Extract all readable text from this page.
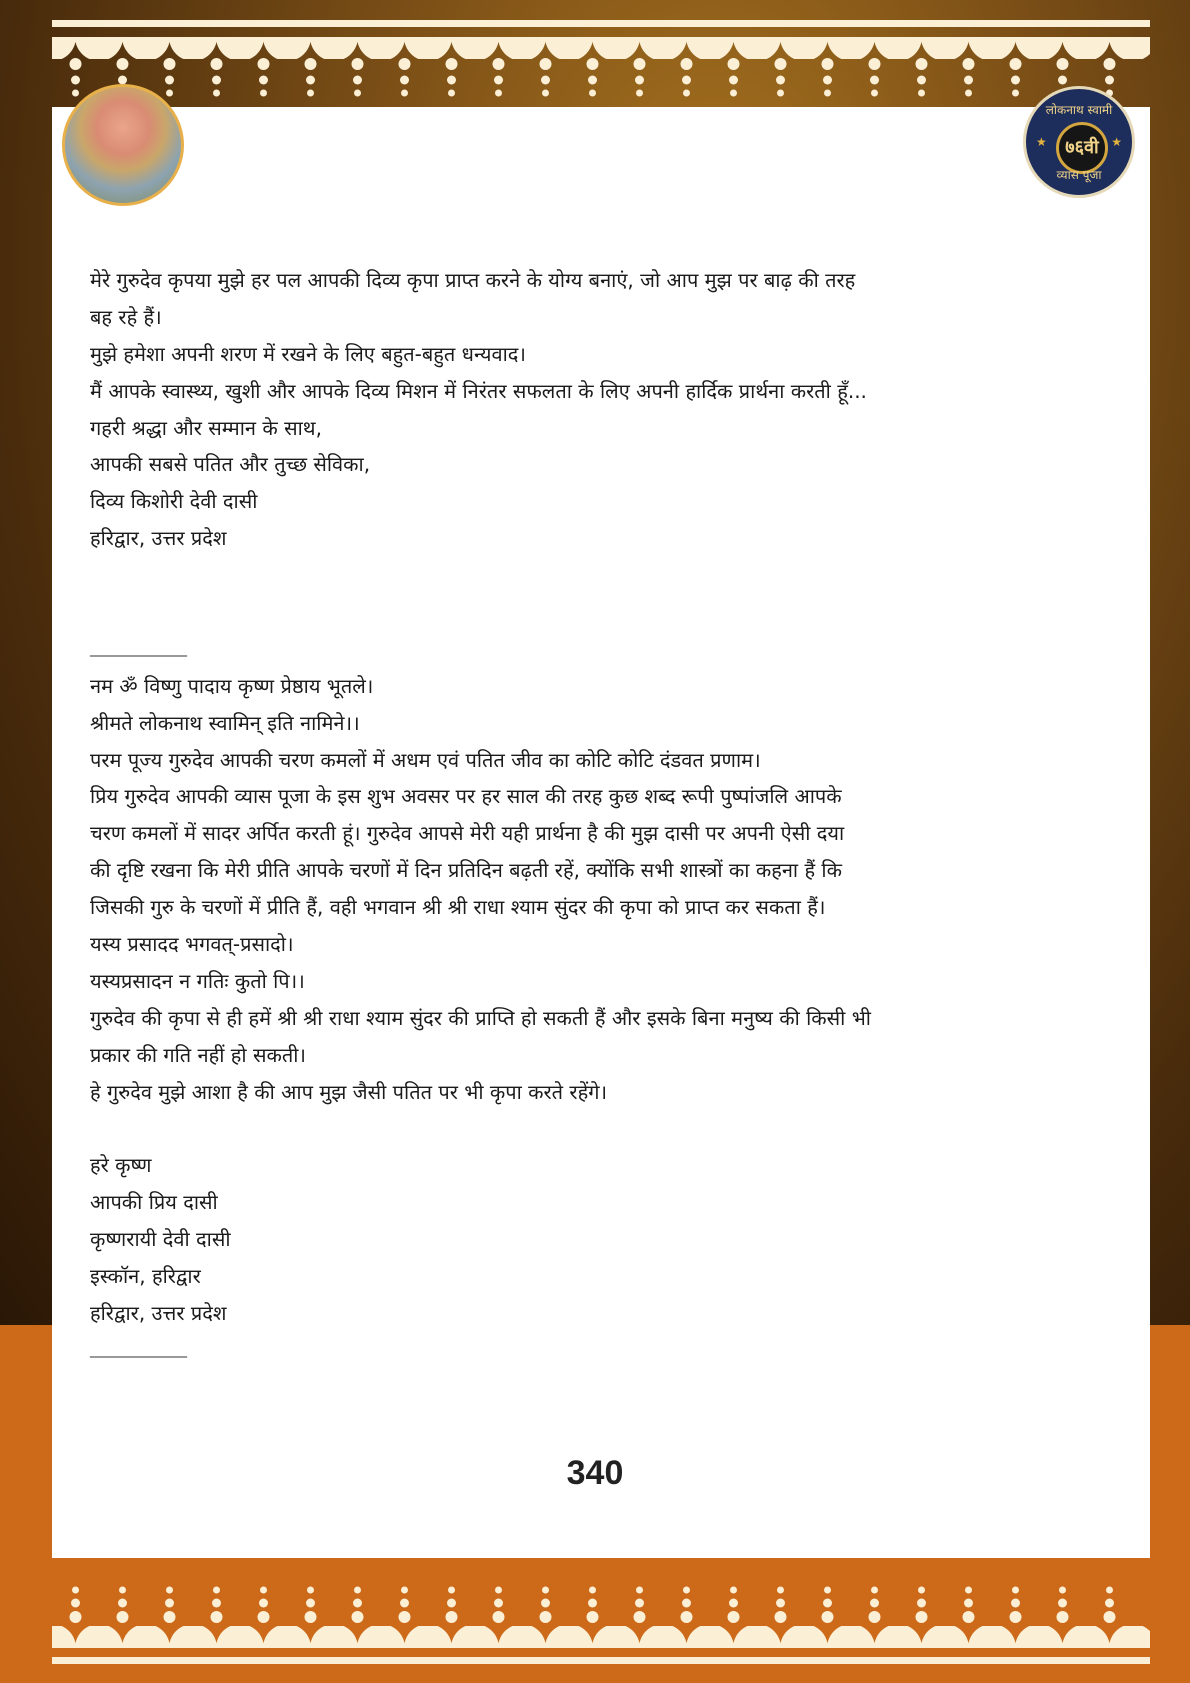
लोकनाथ स्वामी
★	७६वी	★
व्यास पूजा
मेरे गुरुदेव कृपया मुझे हर पल आपकी दिव्य कृपा प्राप्त करने के योग्य बनाएं, जो आप मुझ पर बाढ़ की तरह
बह रहे हैं।
मुझे हमेशा अपनी शरण में रखने के लिए बहुत-बहुत धन्यवाद।
मैं आपके स्वास्थ्य, खुशी और आपके दिव्य मिशन में निरंतर सफलता के लिए अपनी हार्दिक प्रार्थना करती हूँ...
गहरी श्रद्धा और सम्मान के साथ,
आपकी सबसे पतित और तुच्छ सेविका,
दिव्य किशोरी देवी दासी
हरिद्वार, उत्तर प्रदेश
________________
नम ॐ विष्णु पादाय कृष्ण प्रेष्ठाय भूतले।
श्रीमते लोकनाथ स्वामिन् इति नामिने।।
परम पूज्य गुरुदेव आपकी चरण कमलों में अधम एवं पतित जीव का कोटि कोटि दंडवत प्रणाम।
प्रिय गुरुदेव आपकी व्यास पूजा के इस शुभ अवसर पर हर साल की तरह कुछ शब्द रूपी पुष्पांजलि आपके
चरण कमलों में सादर अर्पित करती हूं। गुरुदेव आपसे मेरी यही प्रार्थना है की मुझ दासी पर अपनी ऐसी दया
की दृष्टि रखना कि मेरी प्रीति आपके चरणों में दिन प्रतिदिन बढ़ती रहें, क्योंकि सभी शास्त्रों का कहना हैं कि
जिसकी गुरु के चरणों में प्रीति हैं, वही भगवान श्री श्री राधा श्याम सुंदर की कृपा को प्राप्त कर सकता हैं।
यस्य प्रसादद भगवत्-प्रसादो।
यस्यप्रसादन न गतिः कुतो पि।।
गुरुदेव की कृपा से ही हमें श्री श्री राधा श्याम सुंदर की प्राप्ति हो सकती हैं और इसके बिना मनुष्य की किसी भी
प्रकार की गति नहीं हो सकती।
हे गुरुदेव मुझे आशा है की आप मुझ जैसी पतित पर भी कृपा करते रहेंगे।
हरे कृष्ण
आपकी प्रिय दासी
कृष्णरायी देवी दासी
इस्कॉन, हरिद्वार
हरिद्वार, उत्तर प्रदेश
________________
340
